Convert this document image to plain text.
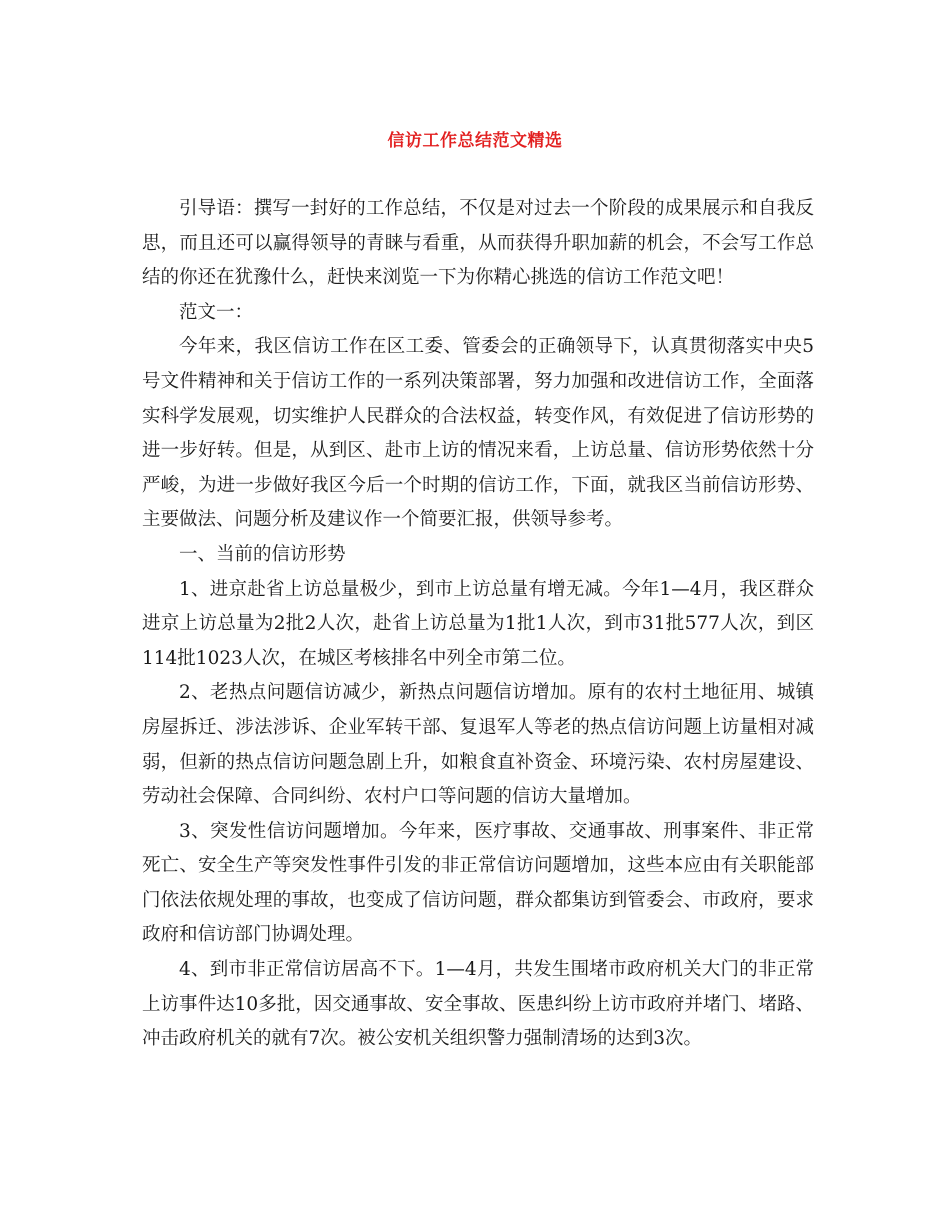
信访工作总结范文精选

引导语：撰写一封好的工作总结，不仅是对过去一个阶段的成果展示和自我反思，而且还可以赢得领导的青睐与看重，从而获得升职加薪的机会，不会写工作总结的你还在犹豫什么，赶快来浏览一下为你精心挑选的信访工作范文吧！

范文一：

今年来，我区信访工作在区工委、管委会的正确领导下，认真贯彻落实中央5号文件精神和关于信访工作的一系列决策部署，努力加强和改进信访工作，全面落实科学发展观，切实维护人民群众的合法权益，转变作风，有效促进了信访形势的进一步好转。但是，从到区、赴市上访的情况来看，上访总量、信访形势依然十分严峻，为进一步做好我区今后一个时期的信访工作，下面，就我区当前信访形势、主要做法、问题分析及建议作一个简要汇报，供领导参考。

一、当前的信访形势

1、进京赴省上访总量极少，到市上访总量有增无减。今年1—4月，我区群众进京上访总量为2批2人次，赴省上访总量为1批1人次，到市31批577人次，到区114批1023人次，在城区考核排名中列全市第二位。

2、老热点问题信访减少，新热点问题信访增加。原有的农村土地征用、城镇房屋拆迁、涉法涉诉、企业军转干部、复退军人等老的热点信访问题上访量相对减弱，但新的热点信访问题急剧上升，如粮食直补资金、环境污染、农村房屋建设、劳动社会保障、合同纠纷、农村户口等问题的信访大量增加。

3、突发性信访问题增加。今年来，医疗事故、交通事故、刑事案件、非正常死亡、安全生产等突发性事件引发的非正常信访问题增加，这些本应由有关职能部门依法依规处理的事故，也变成了信访问题，群众都集访到管委会、市政府，要求政府和信访部门协调处理。

4、到市非正常信访居高不下。1—4月，共发生围堵市政府机关大门的非正常上访事件达10多批，因交通事故、安全事故、医患纠纷上访市政府并堵门、堵路、冲击政府机关的就有7次。被公安机关组织警力强制清场的达到3次。
